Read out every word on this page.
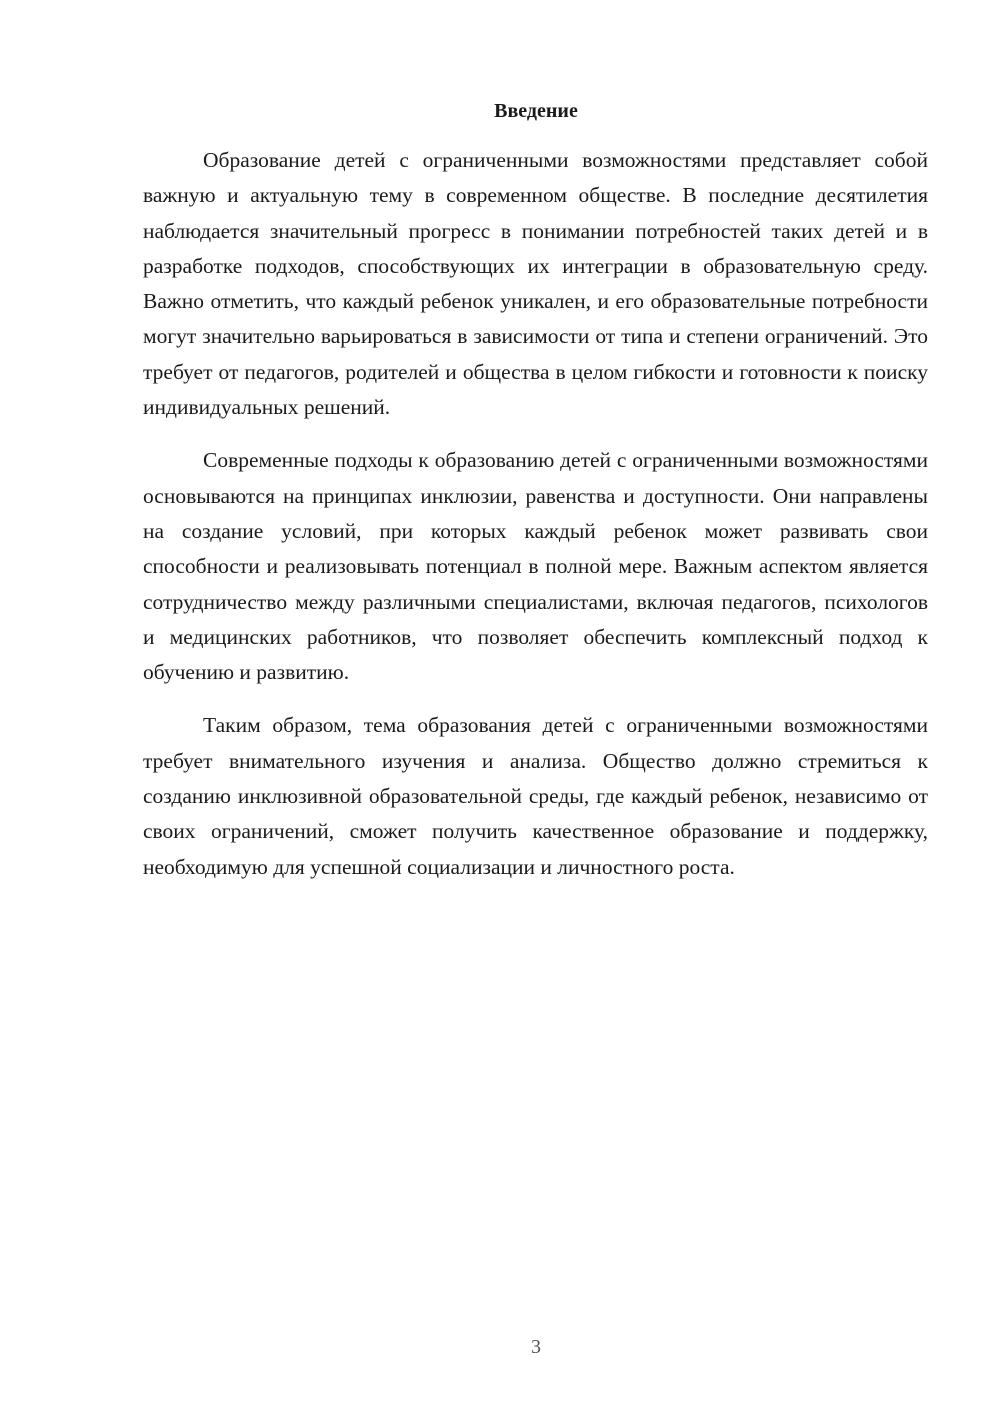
Введение

Образование детей с ограниченными возможностями представляет собой важную и актуальную тему в современном обществе. В последние десятилетия наблюдается значительный прогресс в понимании потребностей таких детей и в разработке подходов, способствующих их интеграции в образовательную среду. Важно отметить, что каждый ребенок уникален, и его образовательные потребности могут значительно варьироваться в зависимости от типа и степени ограничений. Это требует от педагогов, родителей и общества в целом гибкости и готовности к поиску индивидуальных решений.

Современные подходы к образованию детей с ограниченными возможностями основываются на принципах инклюзии, равенства и доступности. Они направлены на создание условий, при которых каждый ребенок может развивать свои способности и реализовывать потенциал в полной мере. Важным аспектом является сотрудничество между различными специалистами, включая педагогов, психологов и медицинских работников, что позволяет обеспечить комплексный подход к обучению и развитию.

Таким образом, тема образования детей с ограниченными возможностями требует внимательного изучения и анализа. Общество должно стремиться к созданию инклюзивной образовательной среды, где каждый ребенок, независимо от своих ограничений, сможет получить качественное образование и поддержку, необходимую для успешной социализации и личностного роста.

3
